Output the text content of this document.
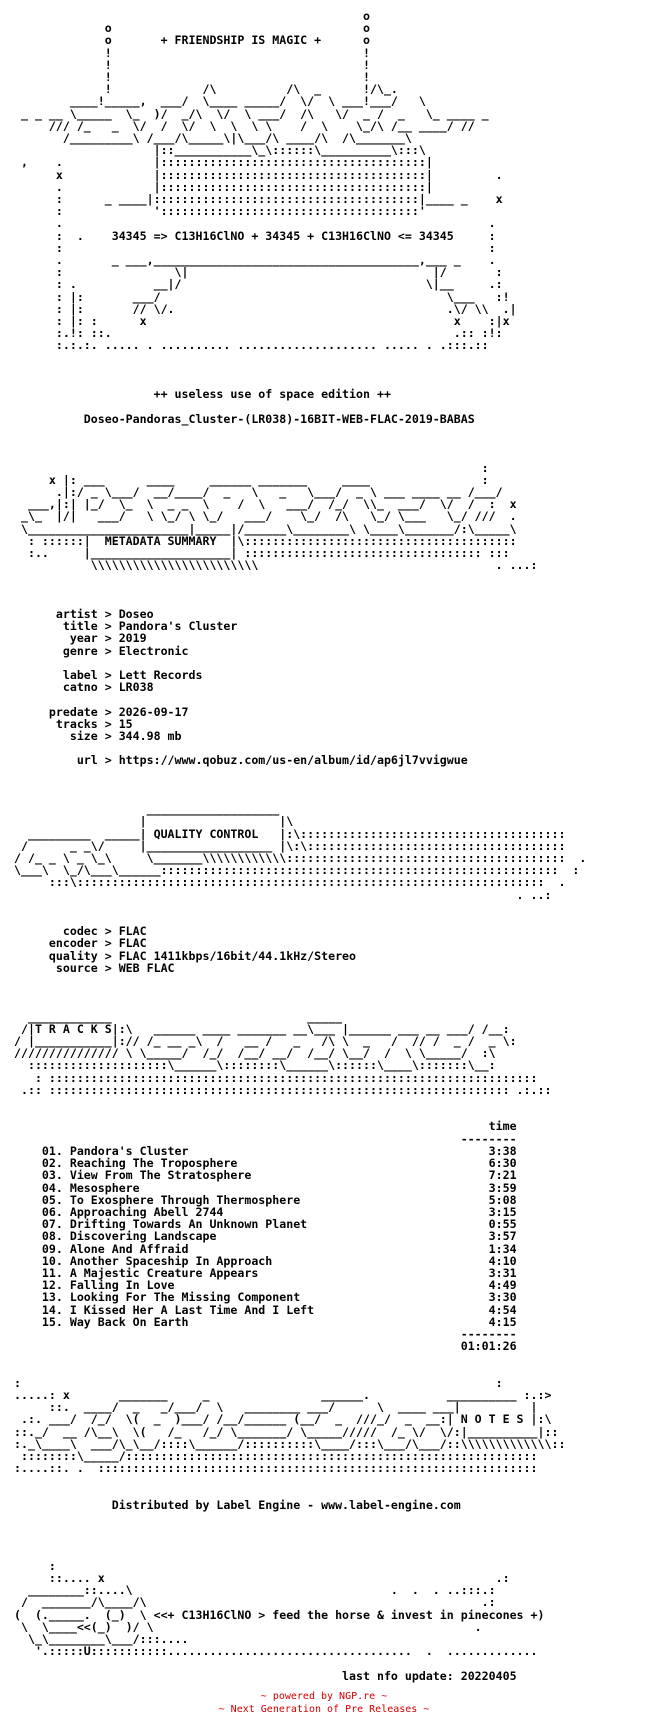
o
o                                    o
o       + FRIENDSHIP IS MAGIC +      o
!                                    !
!                                    !
!                                    !
!             /\          /\  _      !/\_.
____!_____,  ___/  \____ _____/  \/  \ ___!___/   \
_ _ __ \_____  \_  )/  _/\  \/  \ ___/  /\   \/  _ /  _   \_ ____ _
/// /_   _  \/  /  \/  \  \  \ \    /  \    \_/\ /__ ____/ //
/_________\ /___/\_____\|\___/\ ____/\  /\_______\
|::___________\_\::::::\__________\:::\
,    .             |::::::::::::::::::::::::::::::::::::::|
x             |::::::::::::::::::::::::::::::::::::::|         .
.             |::::::::::::::::::::::::::::::::::::::|
:      _ ____|::::::::::::::::::::::::::::::::::::::|____ _    x
:             ':::::::::::::::::::::::::::::::::::::'
.                                                             .
:  .    34345 => C13H16ClNO + 34345 + C13H16ClNO <= 34345     :
:                                                             :
.       _ ___,______________________________________,___ _    .
:                \|                                   |/       :
: .           __|/                                   \|__     .:
: |:       ___/                                         \___   :!
: |:       // \/.                                       .\/ \\  .|
: |: :      x                                            x    :|x
:.!: ::.                                                 .:: :!:
:.:.:. ..... . .......... .................... ..... . .:::.::

++ useless use of space edition ++

Doseo-Pandoras_Cluster-(LR038)-16BIT-WEB-FLAC-2019-BABAS

:
x |: ___      ____     ______ _______     ____                :
.|:/ _ \___/  __/____/  _   \   _   \___/  _ \ ___ ____ __ /___/
___,|:| |_/  \_  \  _ _  \    /  \   ___/  /_/  \\_  ___/  \/  /  :  x
_\_  |/|   ___/   \ \_/ \ \_/   ___/    \_/  /\   \_/ \___   \_/ ///  .
\_______________________|_____|/______\________\ \____\_______/:\_____\
: ::::::|  METADATA SUMMARY  |\:::::::::::::::::::::::::::::::::::::::
:..     |____________________| :::::::::::::::::::::::::::::::::: :::
\\\\\\\\\\\\\\\\\\\\\\\\                                  . ...:

artist > Doseo
title > Pandora's Cluster
year > 2019
genre > Electronic

label > Lett Records
catno > LR038

predate > 2026-09-17
tracks > 15
size > 344.98 mb

url > https://www.qobuz.com/us-en/album/id/ap6jl7vvigwue

___________________
|                   |\
_________  _____| QUALITY CONTROL   |:\::::::::::::::::::::::::::::::::::::::
/      _ _\/     |__________________ |\:\:::::::::::::::::::::::::::::::::::::
/ /_ _ \ _ \_\     \_______\\\\\\\\\\\\::::::::::::::::::::::::::::::::::::::::  .
\___\  \_/\___\______:::::::::::::::::::::::::::::::::::::::::::::::::::::::::  :
:::\:::::::::::::::::::::::::::::::::::::::::::::::::::::::::::::::::::  .
. ..:

codec > FLAC
encoder > FLAC
quality > FLAC 1411kbps/16bit/44.1kHz/Stereo
source > WEB FLAC

____________                            _____
/|T R A C K S|:\   ______ ____ _______ __\___ |______ ___ __ ___/ /__:
/ |___________|:// /_ __ _\  /   __ /   _   /\ \  _   /  // /  _ /  _ \:
/////////////// \ \_____/  /_/  /__/ __/  /__/ \__/  /  \ \_____/  :\
::::::::::::::::::::\______\::::::::\______\::::::\____\:::::::\__:
: ::::::::::::::::::::::::::::::::::::::::::::::::::::::::::::::::::::::
.:: :::::::::::::::::::::::::::::::::::::::::::::::::::::::::::::::::: .:.::

time
--------
01. Pandora's Cluster                                           3:38
02. Reaching The Troposphere                                    6:30
03. View From The Stratosphere                                  7:21
04. Mesosphere                                                  3:59
05. To Exosphere Through Thermosphere                           5:08
06. Approaching Abell 2744                                      3:15
07. Drifting Towards An Unknown Planet                          0:55
08. Discovering Landscape                                       3:57
09. Alone And Affraid                                           1:34
10. Another Spaceship In Approach                               4:10
11. A Majestic Creature Appears                                 3:31
12. Falling In Love                                             4:49
13. Looking For The Missing Component                           3:30
14. I Kissed Her A Last Time And I Left                         4:54
15. Way Back On Earth                                           4:15
--------
01:01:26

:                                                                    :
.....: x       _______     _                ______.           __________ :.:>
::.  ____/  _   _/___/  \   ________ ___/      \  ____ ___|          |
.:. ___/  /_/  \(  _  )___/ /__/______ (__/  _  ///_/  _  __:| N O T E S |:\
::._/  __ /\__\  \(   /_   /_/ \_______/ \_____/////  /_ \/  \/:|__________|::
:._\____\  ___/\_\__/::::\______/::::::::::\____/:::\___/\___/::\\\\\\\\\\\\\::
::::::::\_____/:::::::::::::::::::::::::::::::::::::::::::::::::::::::::::
:....::. .  :::::::::::::::::::::::::::::::::::::::::::::::::::::::::::::::

Distributed by Label Engine - www.label-engine.com

:
::.... x                                                        .:
________::....\                                     .  .  . ..:::.:
/  _______/\____/\                                                .:
(  (._____.  (_)  \ <<+ C13H16ClNO > feed the horse & invest in pinecones +)
\  \____<<(_)  )/ \                                              .
\_\________\___/:::....
'.:::::U:::::::::::...................................  .  .............

last nfo update: 20220405
~ powered by NGP.re ~
~ Next Generation of Pre Releases ~
